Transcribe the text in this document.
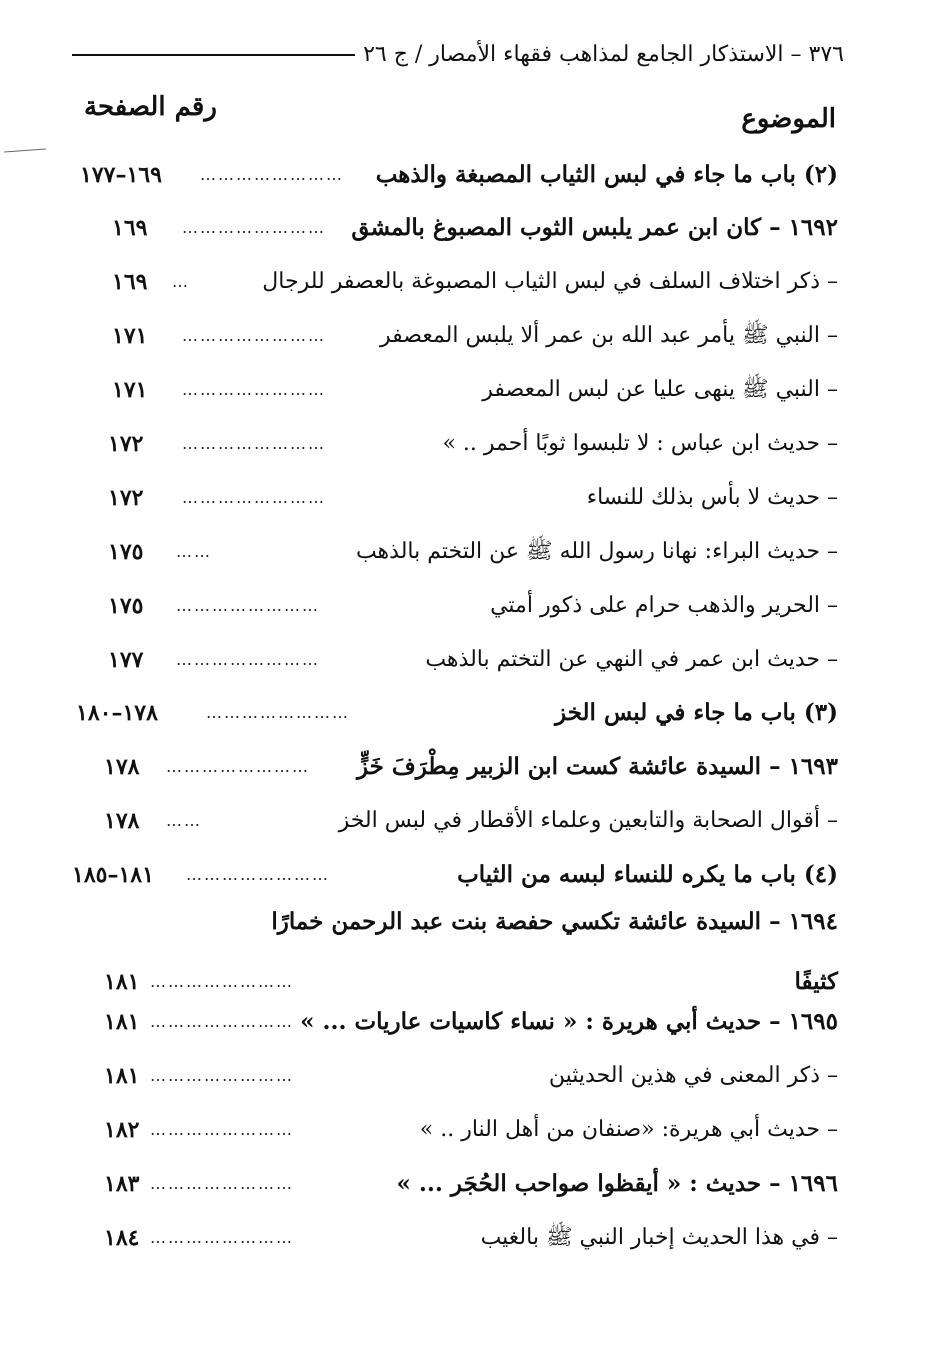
٣٧٦ – الاستذكار الجامع لمذاهب فقهاء الأمصار / ج ٢٦
الموضوع
رقم الصفحة
١٦٩–١٧٧ ……………………	(٢) باب ما جاء في لبس الثياب المصبغة والذهب
١٦٩ ……………………	١٦٩٢ – كان ابن عمر يلبس الثوب المصبوغ بالمشق
١٦٩ …	– ذكر اختلاف السلف في لبس الثياب المصبوغة بالعصفر للرجال
١٧١ ……………………	– النبي ﷺ يأمر عبد الله بن عمر ألا يلبس المعصفر
١٧١ ……………………	– النبي ﷺ ينهى عليا عن لبس المعصفر
١٧٢ ……………………	– حديث ابن عباس : لا تلبسوا ثوبًا أحمر .. »
١٧٢ ……………………	– حديث لا بأس بذلك للنساء
١٧٥ ……	– حديث البراء: نهانا رسول الله ﷺ عن التختم بالذهب
١٧٥ ……………………	– الحرير والذهب حرام على ذكور أمتي
١٧٧ ……………………	– حديث ابن عمر في النهي عن التختم بالذهب
١٧٨–١٨٠	……………………	(٣) باب ما جاء في لبس الخز
١٧٨ ……………………	١٦٩٣ – السيدة عائشة كست ابن الزبير مِطْرَفَ خَزٍّ
١٧٨ ……	– أقوال الصحابة والتابعين وعلماء الأقطار في لبس الخز
١٨١–١٨٥ ……………………	(٤) باب ما يكره للنساء لبسه من الثياب
١٦٩٤ – السيدة عائشة تكسي حفصة بنت عبد الرحمن خمارًا
١٨١ ……………………	كثيفًا
١٨١ …………………… ١٦٩٥ – حديث أبي هريرة : « نساء كاسيات عاريات ... »
١٨١ ……………………	– ذكر المعنى في هذين الحديثين
١٨٢ ……………………	– حديث أبي هريرة: «صنفان من أهل النار .. »
١٨٣ ……………………	١٦٩٦ – حديث : « أيقظوا صواحب الحُجَر ... »
١٨٤ ……………………	– في هذا الحديث إخبار النبي ﷺ بالغيب
